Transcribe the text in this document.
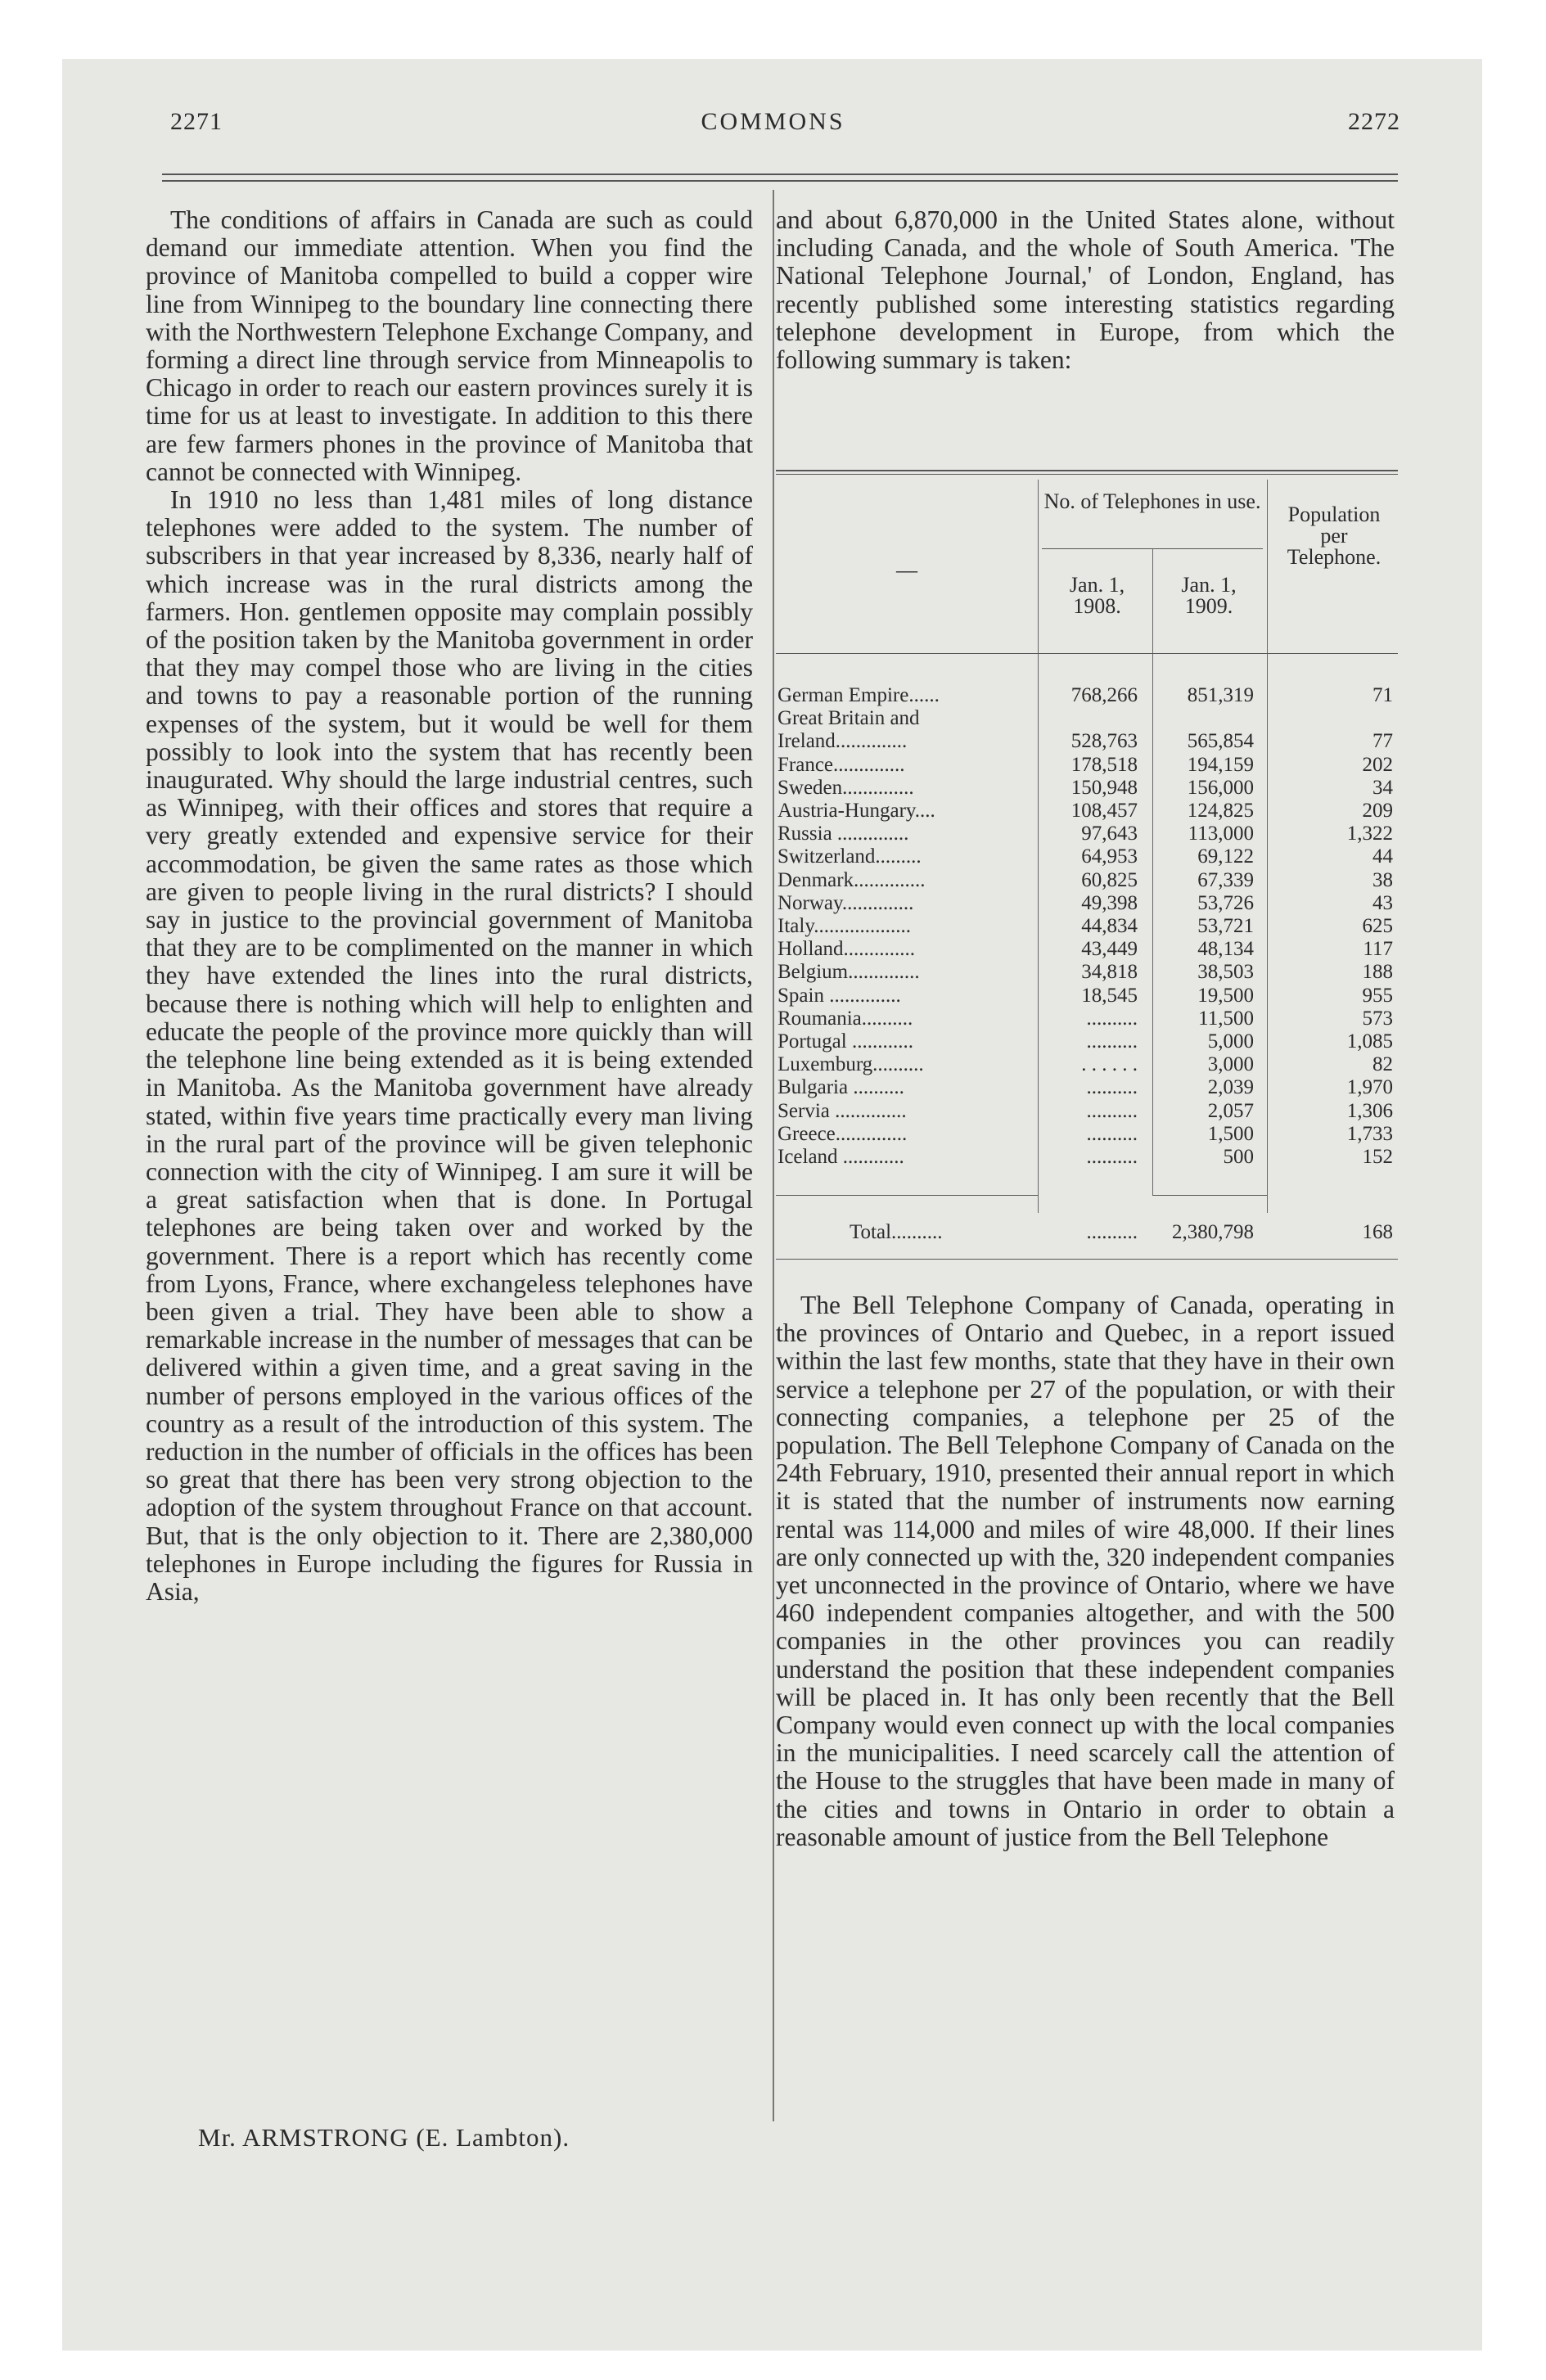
2271	COMMONS	2272

The conditions of affairs in Canada are such as could demand our immediate attention. When you find the province of Manitoba compelled to build a copper wire line from Winnipeg to the boundary line connecting there with the Northwestern Telephone Exchange Company, and forming a direct line through service from Minneapolis to Chicago in order to reach our eastern provinces surely it is time for us at least to investigate. In addition to this there are few farmers phones in the province of Manitoba that cannot be connected with Winnipeg.

In 1910 no less than 1,481 miles of long distance telephones were added to the system. The number of subscribers in that year increased by 8,336, nearly half of which increase was in the rural districts among the farmers. Hon. gentlemen opposite may complain possibly of the position taken by the Manitoba government in order that they may compel those who are living in the cities and towns to pay a reasonable portion of the running expenses of the system, but it would be well for them possibly to look into the system that has recently been inaugurated. Why should the large industrial centres, such as Winnipeg, with their offices and stores that require a very greatly extended and expensive service for their accommodation, be given the same rates as those which are given to people living in the rural districts? I should say in justice to the provincial government of Manitoba that they are to be complimented on the manner in which they have extended the lines into the rural districts, because there is nothing which will help to enlighten and educate the people of the province more quickly than will the telephone line being extended as it is being extended in Manitoba. As the Manitoba government have already stated, within five years time practically every man living in the rural part of the province will be given telephonic connection with the city of Winnipeg. I am sure it will be a great satisfaction when that is done. In Portugal telephones are being taken over and worked by the government. There is a report which has recently come from Lyons, France, where exchangeless telephones have been given a trial. They have been able to show a remarkable increase in the number of messages that can be delivered within a given time, and a great saving in the number of persons employed in the various offices of the country as a result of the introduction of this system. The reduction in the number of officials in the offices has been so great that there has been very strong objection to the adoption of the system throughout France on that account. But, that is the only objection to it. There are 2,380,000 telephones in Europe including the figures for Russia in Asia,

Mr. ARMSTRONG (E. Lambton).

and about 6,870,000 in the United States alone, without including Canada, and the whole of South America. 'The National Telephone Journal,' of London, England, has recently published some interesting statistics regarding telephone development in Europe, from which the following summary is taken:

—
No. of Telephones in use.
Jan. 1, 1908.
Jan. 1, 1909.
Population per Telephone.
German Empire......	768,266	851,319	71
Great Britain and
Ireland..............	528,763	565,854	77
France..............	178,518	194,159	202
Sweden..............	150,948	156,000	34
Austria-Hungary....	108,457	124,825	209
Russia ..............	97,643	113,000	1,322
Switzerland.........	64,953	69,122	44
Denmark..............	60,825	67,339	38
Norway..............	49,398	53,726	43
Italy...................	44,834	53,721	625
Holland..............	43,449	48,134	117
Belgium..............	34,818	38,503	188
Spain ..............	18,545	19,500	955
Roumania..........	..........	11,500	573
Portugal ............	..........	5,000	1,085
Luxemburg..........	. . . . . .	3,000	82
Bulgaria ..........	..........	2,039	1,970
Servia ..............	..........	2,057	1,306
Greece..............	..........	1,500	1,733
Iceland ............	..........	500	152
Total..........	..........	2,380,798	168

The Bell Telephone Company of Canada, operating in the provinces of Ontario and Quebec, in a report issued within the last few months, state that they have in their own service a telephone per 27 of the population, or with their connecting companies, a telephone per 25 of the population. The Bell Telephone Company of Canada on the 24th February, 1910, presented their annual report in which it is stated that the number of instruments now earning rental was 114,000 and miles of wire 48,000. If their lines are only connected up with the, 320 independent companies yet unconnected in the province of Ontario, where we have 460 independent companies altogether, and with the 500 companies in the other provinces you can readily understand the position that these independent companies will be placed in. It has only been recently that the Bell Company would even connect up with the local companies in the municipalities. I need scarcely call the attention of the House to the struggles that have been made in many of the cities and towns in Ontario in order to obtain a reasonable amount of justice from the Bell Telephone
